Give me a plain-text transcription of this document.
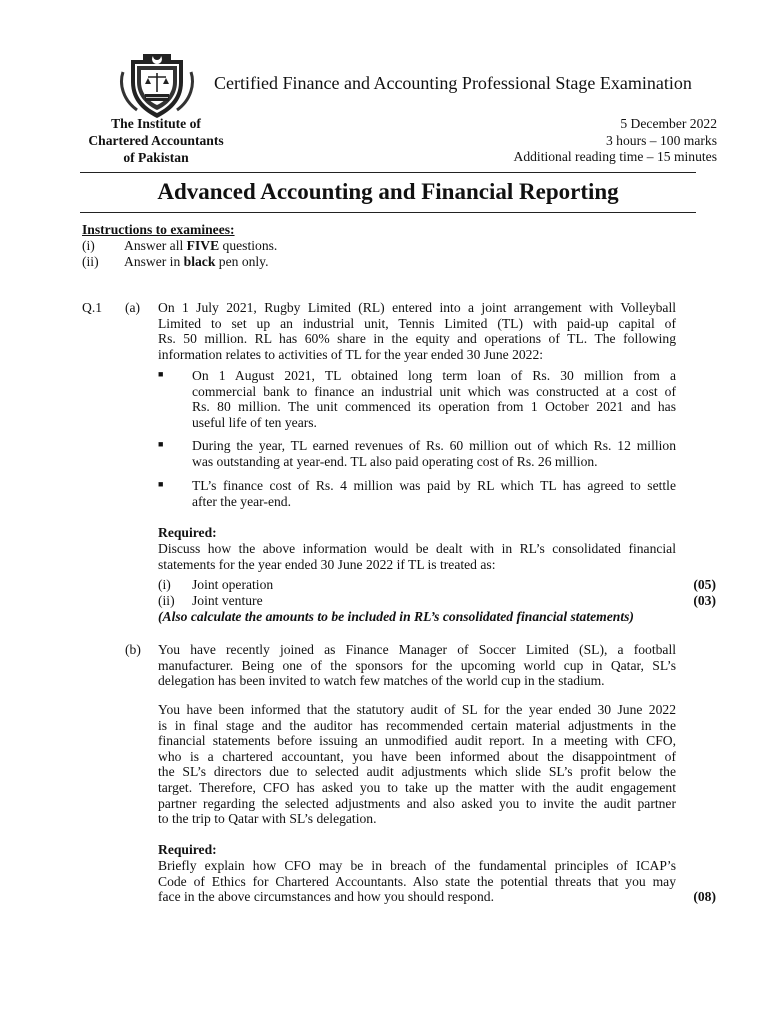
Certified Finance and Accounting Professional Stage Examination
The Institute of
Chartered Accountants
of Pakistan
5 December 2022
3 hours – 100 marks
Additional reading time – 15 minutes
Advanced Accounting and Financial Reporting
Instructions to examinees:
(i) Answer all FIVE questions.
(ii) Answer in black pen only.
Q.1 (a) On 1 July 2021, Rugby Limited (RL) entered into a joint arrangement with Volleyball
Limited to set up an industrial unit, Tennis Limited (TL) with paid-up capital of
Rs. 50 million. RL has 60% share in the equity and operations of TL. The following
information relates to activities of TL for the year ended 30 June 2022:
■ On 1 August 2021, TL obtained long term loan of Rs. 30 million from a
commercial bank to finance an industrial unit which was constructed at a cost of
Rs. 80 million. The unit commenced its operation from 1 October 2021 and has
useful life of ten years.
■ During the year, TL earned revenues of Rs. 60 million out of which Rs. 12 million
was outstanding at year-end. TL also paid operating cost of Rs. 26 million.
■ TL’s finance cost of Rs. 4 million was paid by RL which TL has agreed to settle
after the year-end.
Required:
Discuss how the above information would be dealt with in RL’s consolidated financial
statements for the year ended 30 June 2022 if TL is treated as:
(i) Joint operation	(05)
(ii) Joint venture	(03)
(Also calculate the amounts to be included in RL’s consolidated financial statements)
(b) You have recently joined as Finance Manager of Soccer Limited (SL), a football
manufacturer. Being one of the sponsors for the upcoming world cup in Qatar, SL’s
delegation has been invited to watch few matches of the world cup in the stadium.
You have been informed that the statutory audit of SL for the year ended 30 June 2022
is in final stage and the auditor has recommended certain material adjustments in the
financial statements before issuing an unmodified audit report. In a meeting with CFO,
who is a chartered accountant, you have been informed about the disappointment of
the SL’s directors due to selected audit adjustments which slide SL’s profit below the
target. Therefore, CFO has asked you to take up the matter with the audit engagement
partner regarding the selected adjustments and also asked you to invite the audit partner
to the trip to Qatar with SL’s delegation.
Required:
Briefly explain how CFO may be in breach of the fundamental principles of ICAP’s
Code of Ethics for Chartered Accountants. Also state the potential threats that you may
face in the above circumstances and how you should respond.	(08)
